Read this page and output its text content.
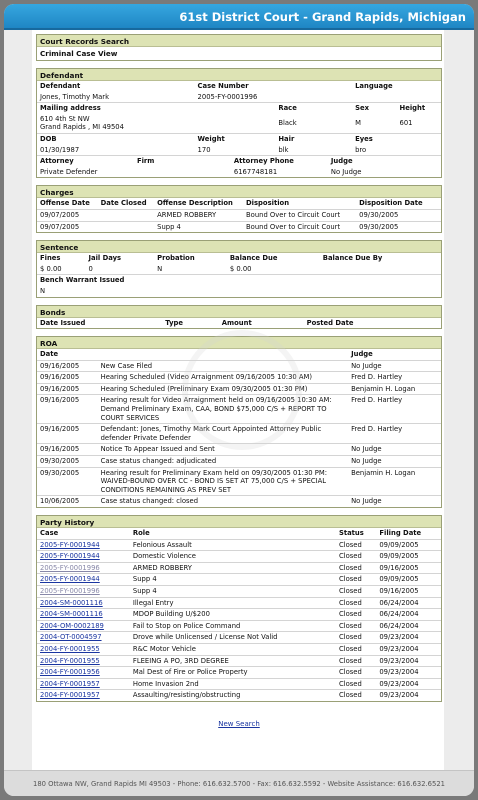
61st District Court - Grand Rapids, Michigan
Court Records Search
Criminal Case View
Defendant
Defendant	Case Number		Language	
Jones, Timothy Mark	2005-FY-0001996			
Mailing address		Race	Sex	Height

610 4th St NW
Grand Rapids , MI 49504		Black	M	601
DOB	Weight	Hair	Eyes	
01/30/1987	170	blk	bro	
Attorney	Firm	Attorney Phone	Judge
Private Defender		6167748181	No Judge
Charges
Offense Date	Date Closed	Offense Description	Disposition	Disposition Date
09/07/2005		ARMED ROBBERY	Bound Over to Circuit Court	09/30/2005
09/07/2005		Supp 4	Bound Over to Circuit Court	09/30/2005
Sentence
Fines	Jail Days	Probation	Balance Due	Balance Due By
$ 0.00	0	N	$ 0.00	
Bench Warrant Issued				
N				
Bonds
Date Issued	Type	Amount	Posted Date
ROA
Date		Judge
09/16/2005	New Case Filed	No Judge
09/16/2005	Hearing Scheduled (Video Arraignment 09/16/2005 10:30 AM)	Fred D. Hartley
09/16/2005	Hearing Scheduled (Preliminary Exam 09/30/2005 01:30 PM)	Benjamin H. Logan
09/16/2005	Hearing result for Video Arraignment held on 09/16/2005 10:30 AM: Demand Preliminary Exam, CAA, BOND $75,000 C/S + REPORT TO COURT SERVICES	Fred D. Hartley
09/16/2005	Defendant: Jones, Timothy Mark Court Appointed Attorney Public defender Private Defender	Fred D. Hartley
09/16/2005	Notice To Appear Issued and Sent	No Judge
09/30/2005	Case status changed: adjudicated	No Judge
09/30/2005	Hearing result for Preliminary Exam held on 09/30/2005 01:30 PM: WAIVED-BOUND OVER CC - BOND IS SET AT 75,000 C/S + SPECIAL CONDITIONS REMAINING AS PREV SET	Benjamin H. Logan
10/06/2005	Case status changed: closed	No Judge
Party History
Case	Role	Status	Filing Date
2005-FY-0001944	Felonious Assault	Closed	09/09/2005
2005-FY-0001944	Domestic Violence	Closed	09/09/2005
2005-FY-0001996	ARMED ROBBERY	Closed	09/16/2005
2005-FY-0001944	Supp 4	Closed	09/09/2005
2005-FY-0001996	Supp 4	Closed	09/16/2005
2004-SM-0001116	Illegal Entry	Closed	06/24/2004
2004-SM-0001116	MDOP Building U/$200	Closed	06/24/2004
2004-OM-0002189	Fail to Stop on Police Command	Closed	06/24/2004
2004-OT-0004597	Drove while Unlicensed / License Not Valid	Closed	09/23/2004
2004-FY-0001955	R&C Motor Vehicle	Closed	09/23/2004
2004-FY-0001955	FLEEING A PO, 3RD DEGREE	Closed	09/23/2004
2004-FY-0001956	Mal Dest of Fire or Police Property	Closed	09/23/2004
2004-FY-0001957	Home Invasion 2nd	Closed	09/23/2004
2004-FY-0001957	Assaulting/resisting/obstructing	Closed	09/23/2004
New Search
180 Ottawa NW, Grand Rapids MI 49503 - Phone: 616.632.5700 - Fax: 616.632.5592 - Website Assistance: 616.632.6521
